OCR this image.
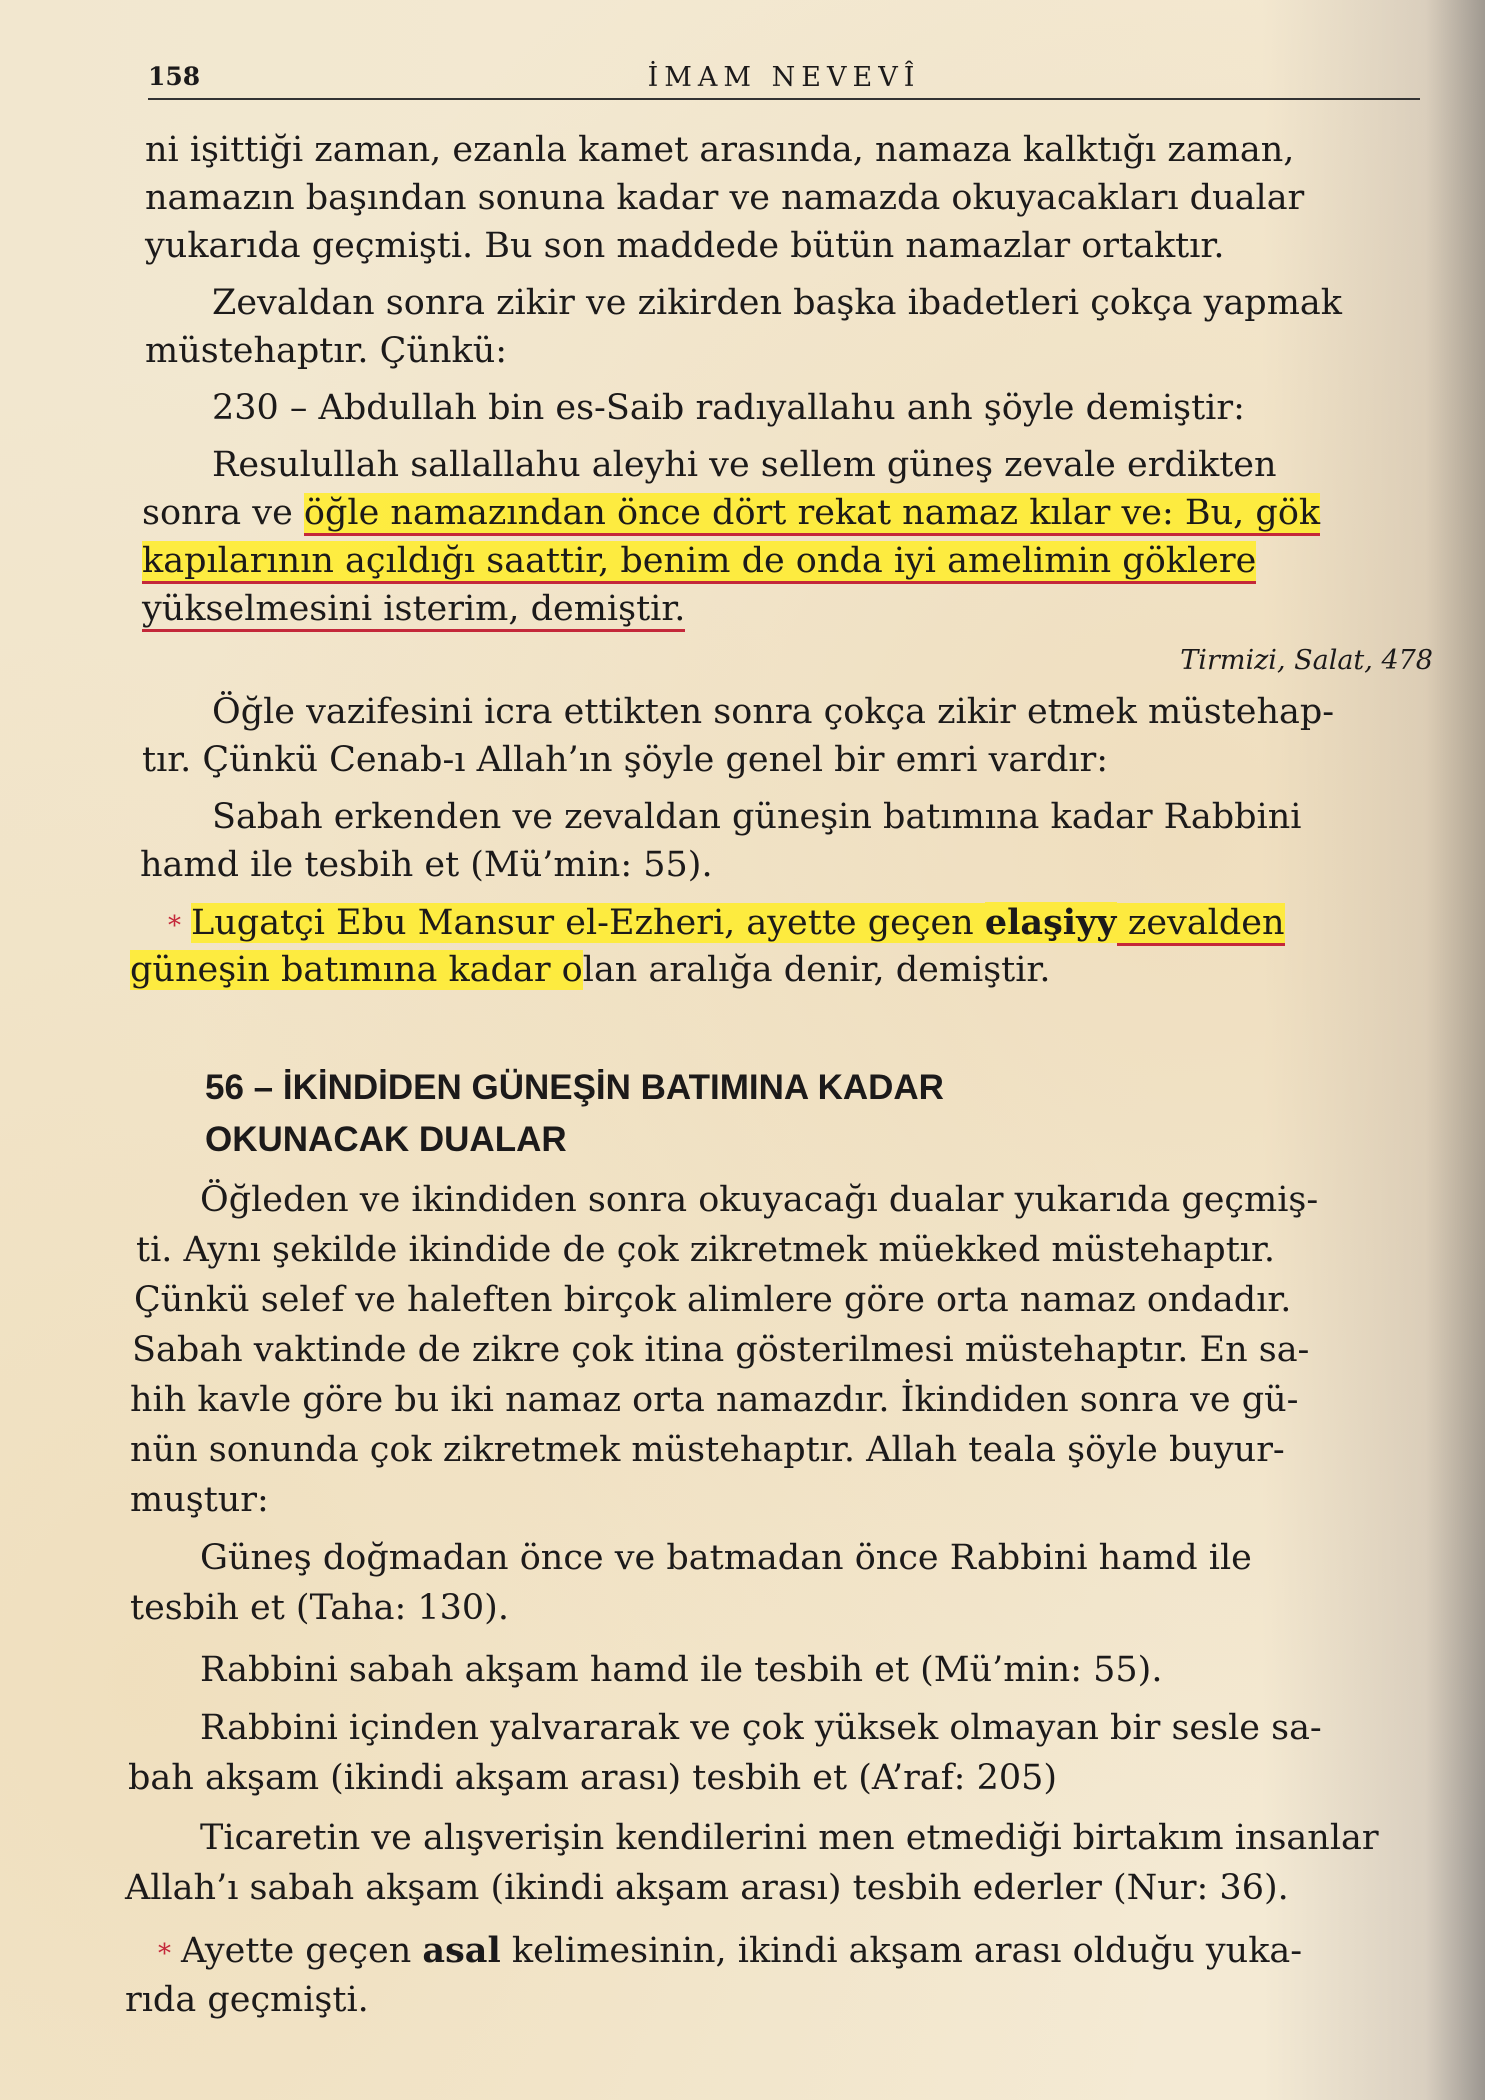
158	İMAM NEVEVÎ
ni işittiği zaman, ezanla kamet arasında, namaza kalktığı zaman,
namazın başından sonuna kadar ve namazda okuyacakları dualar
yukarıda geçmişti. Bu son maddede bütün namazlar ortaktır.
Zevaldan sonra zikir ve zikirden başka ibadetleri çokça yapmak
müstehaptır. Çünkü:
230 – Abdullah bin es-Saib radıyallahu anh şöyle demiştir:
Resulullah sallallahu aleyhi ve sellem güneş zevale erdikten
sonra ve öğle namazından önce dört rekat namaz kılar ve: Bu, gök
kapılarının açıldığı saattir, benim de onda iyi amelimin göklere
yükselmesini isterim, demiştir.
Tirmizi, Salat, 478
Öğle vazifesini icra ettikten sonra çokça zikir etmek müstehap-
tır. Çünkü Cenab-ı Allah’ın şöyle genel bir emri vardır:
Sabah erkenden ve zevaldan güneşin batımına kadar Rabbini
hamd ile tesbih et (Mü’min: 55).
* Lugatçi Ebu Mansur el-Ezheri, ayette geçen elaşiyy zevalden
güneşin batımına kadar olan aralığa denir, demiştir.
56 – İKİNDİDEN GÜNEŞİN BATIMINA KADAR
OKUNACAK DUALAR
Öğleden ve ikindiden sonra okuyacağı dualar yukarıda geçmiş-
ti. Aynı şekilde ikindide de çok zikretmek müekked müstehaptır.
Çünkü selef ve haleften birçok alimlere göre orta namaz ondadır.
Sabah vaktinde de zikre çok itina gösterilmesi müstehaptır. En sa-
hih kavle göre bu iki namaz orta namazdır. İkindiden sonra ve gü-
nün sonunda çok zikretmek müstehaptır. Allah teala şöyle buyur-
muştur:
Güneş doğmadan önce ve batmadan önce Rabbini hamd ile
tesbih et (Taha: 130).
Rabbini sabah akşam hamd ile tesbih et (Mü’min: 55).
Rabbini içinden yalvararak ve çok yüksek olmayan bir sesle sa-
bah akşam (ikindi akşam arası) tesbih et (A’raf: 205)
Ticaretin ve alışverişin kendilerini men etmediği birtakım insanlar
Allah’ı sabah akşam (ikindi akşam arası) tesbih ederler (Nur: 36).
* Ayette geçen asal kelimesinin, ikindi akşam arası olduğu yuka-
rıda geçmişti.
